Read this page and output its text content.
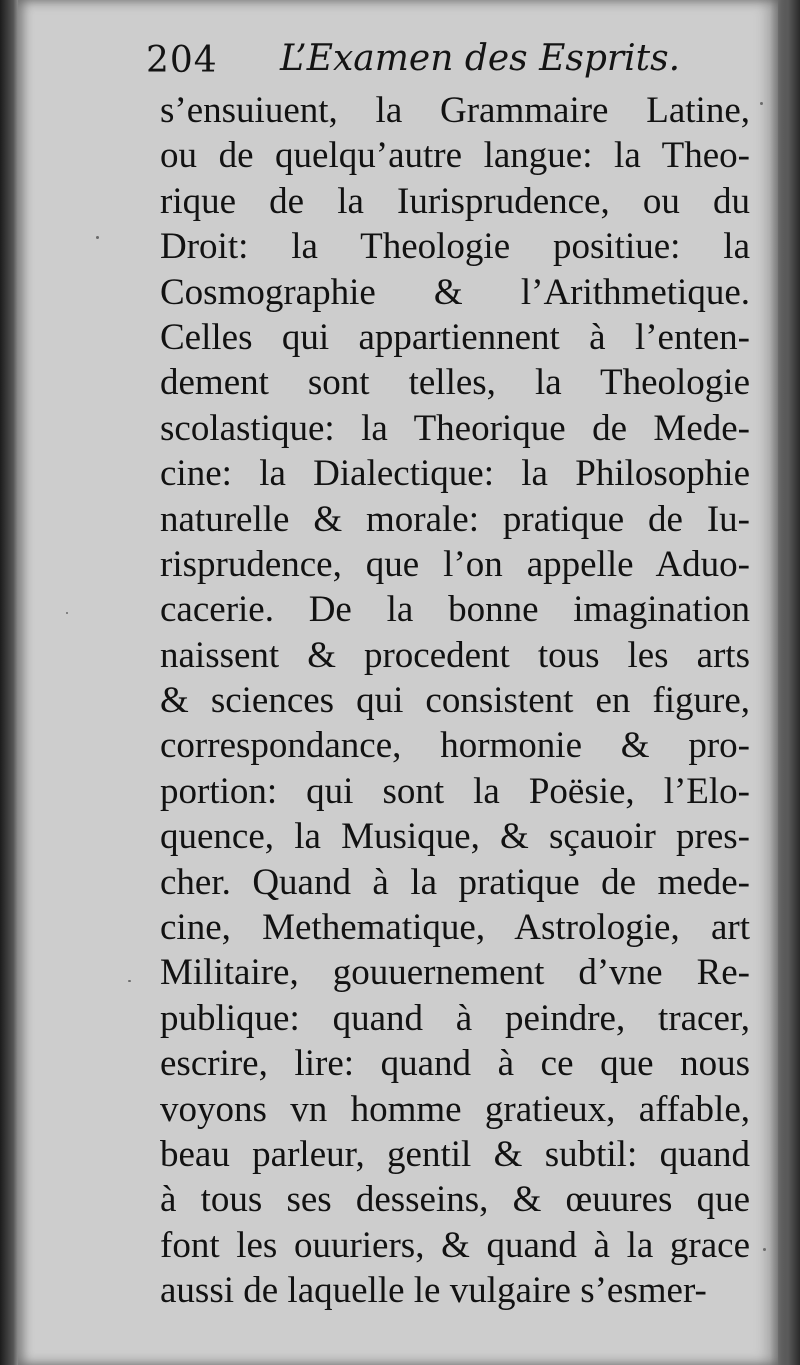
204 L’Examen des Esprits.
s’ensuiuent, la Grammaire Latine,
ou de quelqu’autre langue: la Theo-
rique de la Iurisprudence, ou du
Droit: la Theologie positiue: la
Cosmographie & l’Arithmetique.
Celles qui appartiennent à l’enten-
dement sont telles, la Theologie
scolastique: la Theorique de Mede-
cine: la Dialectique: la Philosophie
naturelle & morale: pratique de Iu-
risprudence, que l’on appelle Aduo-
cacerie. De la bonne imagination
naissent & procedent tous les arts
& sciences qui consistent en figure,
correspondance, hormonie & pro-
portion: qui sont la Poësie, l’Elo-
quence, la Musique, & sçauoir pres-
cher. Quand à la pratique de mede-
cine, Methematique, Astrologie, art
Militaire, gouuernement d’vne Re-
publique: quand à peindre, tracer,
escrire, lire: quand à ce que nous
voyons vn homme gratieux, affable,
beau parleur, gentil & subtil: quand
à tous ses desseins, & œuures que
font les ouuriers, & quand à la grace
aussi de laquelle le vulgaire s’esmer-
